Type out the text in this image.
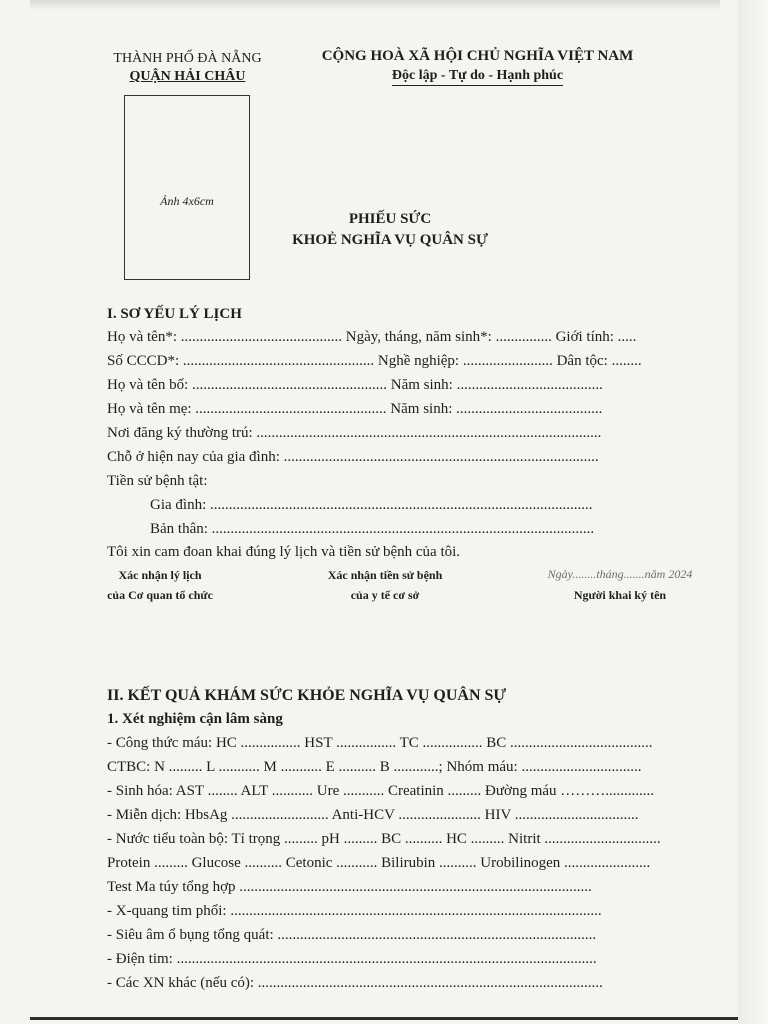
THÀNH PHỐ ĐÀ NẴNG
QUẬN HẢI CHÂU
CỘNG HOÀ XÃ HỘI CHỦ NGHĨA VIỆT NAM
Độc lập - Tự do - Hạnh phúc
Ảnh 4x6cm
PHIẾU SỨC
KHOẺ NGHĨA VỤ QUÂN SỰ
I. SƠ YẾU LÝ LỊCH
Họ và tên*: ........................................... Ngày, tháng, năm sinh*: ............... Giới tính: .....
Số CCCD*: ................................................... Nghề nghiệp: ........................ Dân tộc: ........
Họ và tên bố: .................................................... Năm sinh: .......................................
Họ và tên mẹ: ................................................... Năm sinh: .......................................
Nơi đăng ký thường trú: ............................................................................................
Chỗ ở hiện nay của gia đình: ....................................................................................
Tiền sử bệnh tật:
Gia đình: ......................................................................................................
Bản thân: ......................................................................................................
Tôi xin cam đoan khai đúng lý lịch và tiền sử bệnh của tôi.
Xác nhận lý lịch
của Cơ quan tổ chức
Xác nhận tiền sử bệnh
của y tế cơ sở
Ngày........tháng.......năm 2024
Người khai ký tên
II. KẾT QUẢ KHÁM SỨC KHỎE NGHĨA VỤ QUÂN SỰ
1. Xét nghiệm cận lâm sàng
- Công thức máu: HC ................ HST ................ TC ................ BC ......................................
CTBC: N ......... L ........... M ........... E .......... B ............; Nhóm máu: ................................
- Sinh hóa: AST ........ ALT ........... Ure ........... Creatinin ......... Đường máu ……….............
- Miễn dịch: HbsAg .......................... Anti-HCV ...................... HIV .................................
- Nước tiểu toàn bộ: Tỉ trọng ......... pH ......... BC .......... HC ......... Nitrit ...............................
Protein ......... Glucose .......... Cetonic ........... Bilirubin .......... Urobilinogen .......................
Test Ma túy tổng hợp ..............................................................................................
- X-quang tim phổi: ...................................................................................................
- Siêu âm ổ bụng tổng quát: .....................................................................................
- Điện tim: ................................................................................................................
- Các XN khác (nếu có): ............................................................................................
